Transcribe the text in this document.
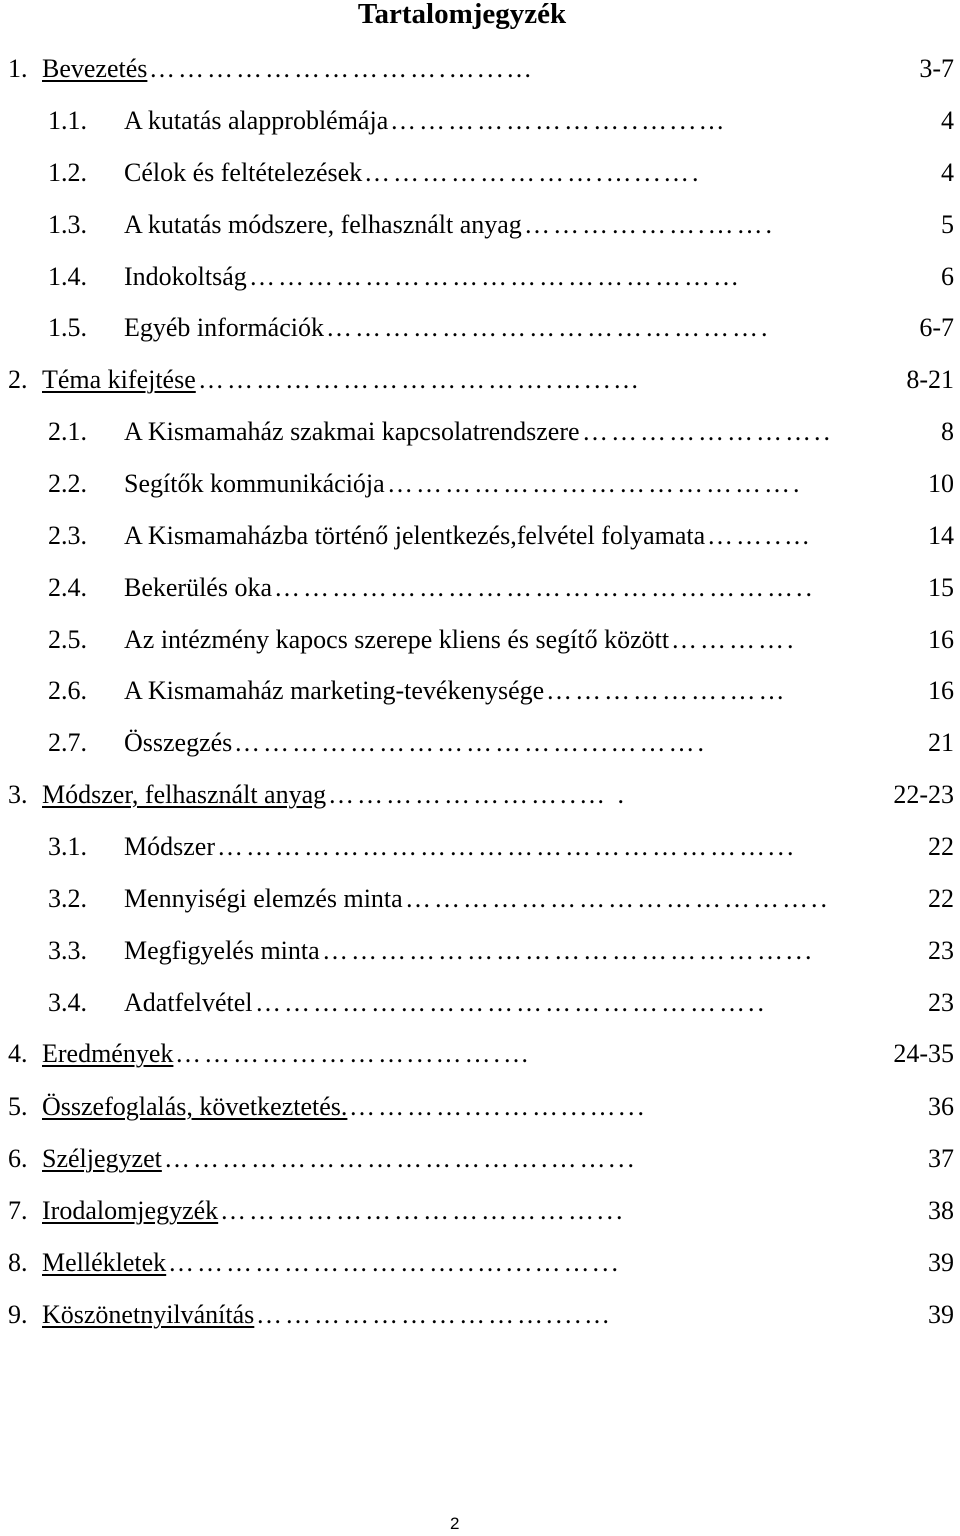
Tartalomjegyzék
1. Bevezetés ………………………….…...…	3-7
1.1. A kutatás alapproblémája ……………………..…...…	4
1.2. Célok és feltételezések …………………….…...….	4
1.3. A kutatás módszere, felhasznált anyag ……………….…….	5
1.4. Indokoltság ……………………………………………	6
1.5. Egyéb információk ……………………………………….	6-7
2. Téma kifejtése ……………………………….…...…	8-21
2.1. A Kismamaház szakmai kapcsolatrendszere ……………………..	8
2.2. Segítők kommunikációja …………………………………….	10
2.3. A Kismamaházba történő jelentkezés,felvétel folyamata ……..…	14
2.4. Bekerülés oka ………………………………………………..	15
2.5. Az intézmény kapocs szerepe kliens és segítő között ………….	16
2.6. A Kismamaház marketing-tevékenysége ……………….……	16
2.7. Összegzés ………………………………...……….	21
3. Módszer, felhasznált anyag ……………………..… .	22-23
3.1. Módszer …………………………………………………...	22
3.2. Mennyiségi elemzés minta ……………………………………..	22
3.3. Megfigyelés minta …………………………………………...	23
3.4. Adatfelvétel ……………………………………………..	23
4. Eredmények ……………………...…….…	24-35
5. Összefoglalás, következtetés. …………....……...…...	36
6. Széljegyzet ………………………………….……...	37
7. Irodalomjegyzék …………………………………...	38
8. Mellékletek …………………………..…...……...	39
9. Köszönetnyilvánítás …………………………....…	39
2
